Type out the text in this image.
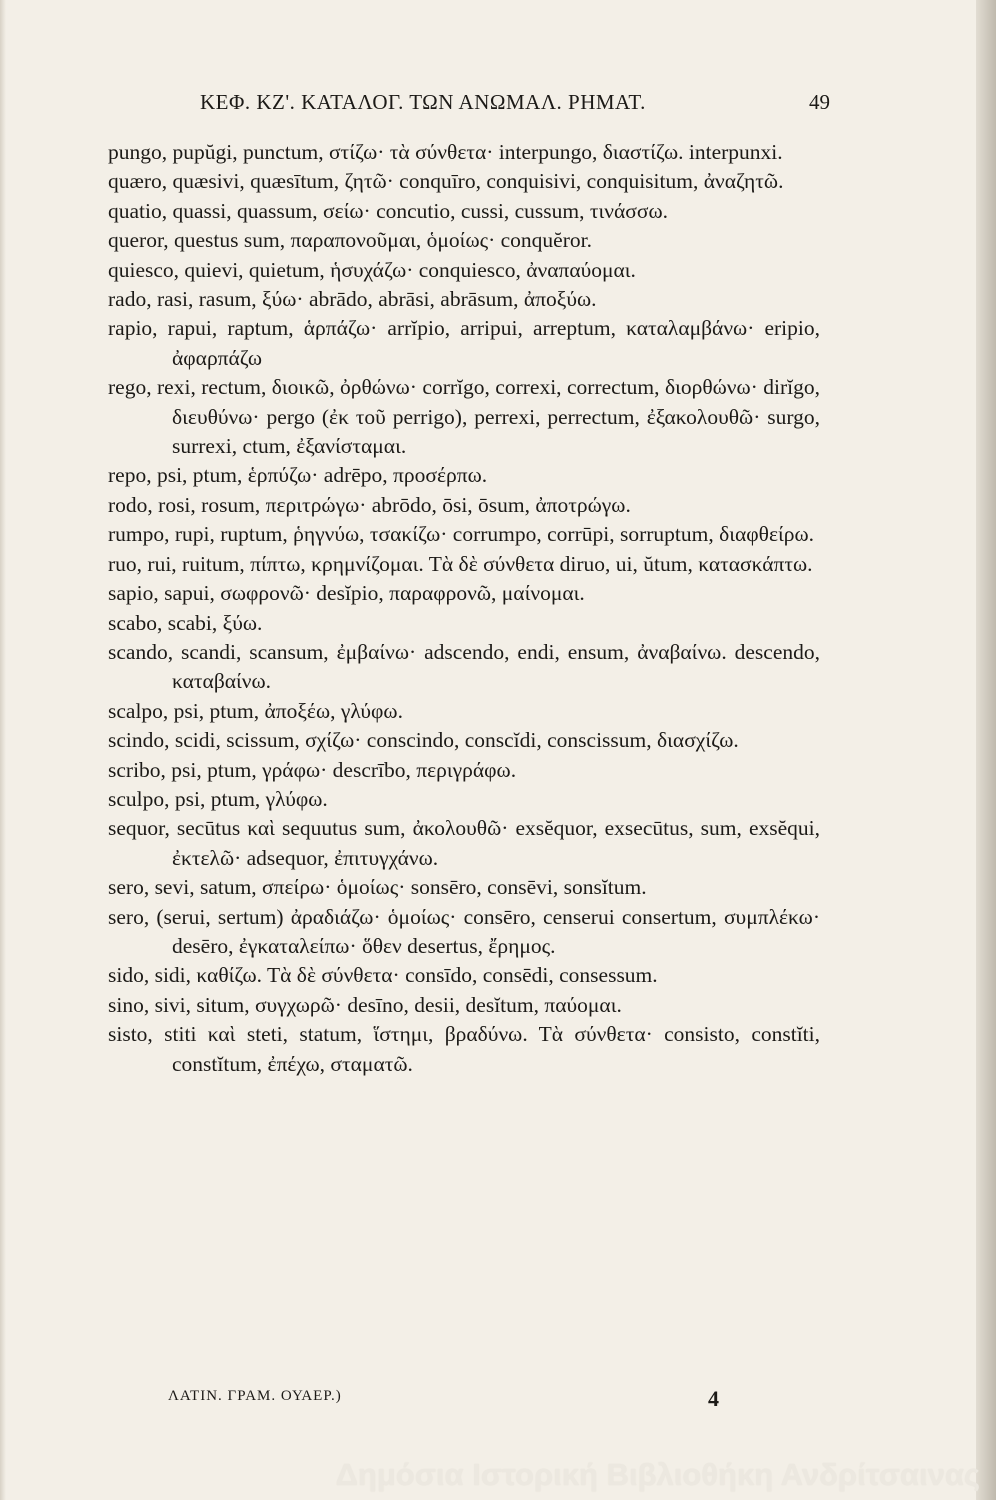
ΚΕΦ. ΚΖ'. ΚΑΤΑΛΟΓ. ΤΩΝ ΑΝΩΜΑΛ. ΡΗΜΑΤ.	49

pungo, pupŭgi, punctum, στίζω· τὰ σύνθετα· interpungo, διαστίζω. interpunxi.

quæro, quæsivi, quæsītum, ζητῶ· conquīro, conquisivi, conquisitum, ἀναζητῶ.

quatio, quassi, quassum, σείω· concutio, cussi, cussum, τινάσσω.

queror, questus sum, παραπονοῦμαι, ὁμοίως· conquĕror.

quiesco, quievi, quietum, ἡσυχάζω· conquiesco, ἀναπαύομαι.

rado, rasi, rasum, ξύω· abrādo, abrāsi, abrāsum, ἀποξύω.

rapio, rapui, raptum, ἁρπάζω· arrĭpio, arripui, arreptum, καταλαμβάνω· eripio, ἀφαρπάζω

rego, rexi, rectum, διοικῶ, ὀρθώνω· corrĭgo, correxi, correctum, διορθώνω· dirĭgo, διευθύνω· pergo (ἐκ τοῦ perrigo), perrexi, perrectum, ἐξακολουθῶ· surgo, surrexi, ctum, ἐξανίσταμαι.

repo, psi, ptum, ἑρπύζω· adrēpo, προσέρπω.

rodo, rosi, rosum, περιτρώγω· abrōdo, ōsi, ōsum, ἀποτρώγω.

rumpo, rupi, ruptum, ῥηγνύω, τσακίζω· corrumpo, corrūpi, sorruptum, διαφθείρω.

ruo, rui, ruitum, πίπτω, κρημνίζομαι. Τὰ δὲ σύνθετα diruo, ui, ŭtum, κατασκάπτω.

sapio, sapui, σωφρονῶ· desĭpio, παραφρονῶ, μαίνομαι.

scabo, scabi, ξύω.

scando, scandi, scansum, ἐμβαίνω· adscendo, endi, ensum, ἀναβαίνω. descendo, καταβαίνω.

scalpo, psi, ptum, ἀποξέω, γλύφω.

scindo, scidi, scissum, σχίζω· conscindo, conscĭdi, conscissum, διασχίζω.

scribo, psi, ptum, γράφω· descrībo, περιγράφω.

sculpo, psi, ptum, γλύφω.

sequor, secūtus καὶ sequutus sum, ἀκολουθῶ· exsĕquor, exsecūtus, sum, exsĕqui, ἐκτελῶ· adsequor, ἐπιτυγχάνω.

sero, sevi, satum, σπείρω· ὁμοίως· sonsēro, consēvi, sonsĭtum.

sero, (serui, sertum) ἀραδιάζω· ὁμοίως· consēro, censerui consertum, συμπλέκω· desēro, ἐγκαταλείπω· ὅθεν desertus, ἔρημος.

sido, sidi, καθίζω. Τὰ δὲ σύνθετα· consīdo, consēdi, consessum.

sino, sivi, situm, συγχωρῶ· desīno, desii, desĭtum, παύομαι.

sisto, stiti καὶ steti, statum, ἵστημι, βραδύνω. Τὰ σύνθετα· consisto, constĭti, constĭtum, ἐπέχω, σταματῶ.

ΛΑΤΙΝ. ΓΡΑΜ. ΟΥΑΕΡ.)	4
Δημόσια Ιστορική Βιβλιοθήκη Ανδρίτσαινας
